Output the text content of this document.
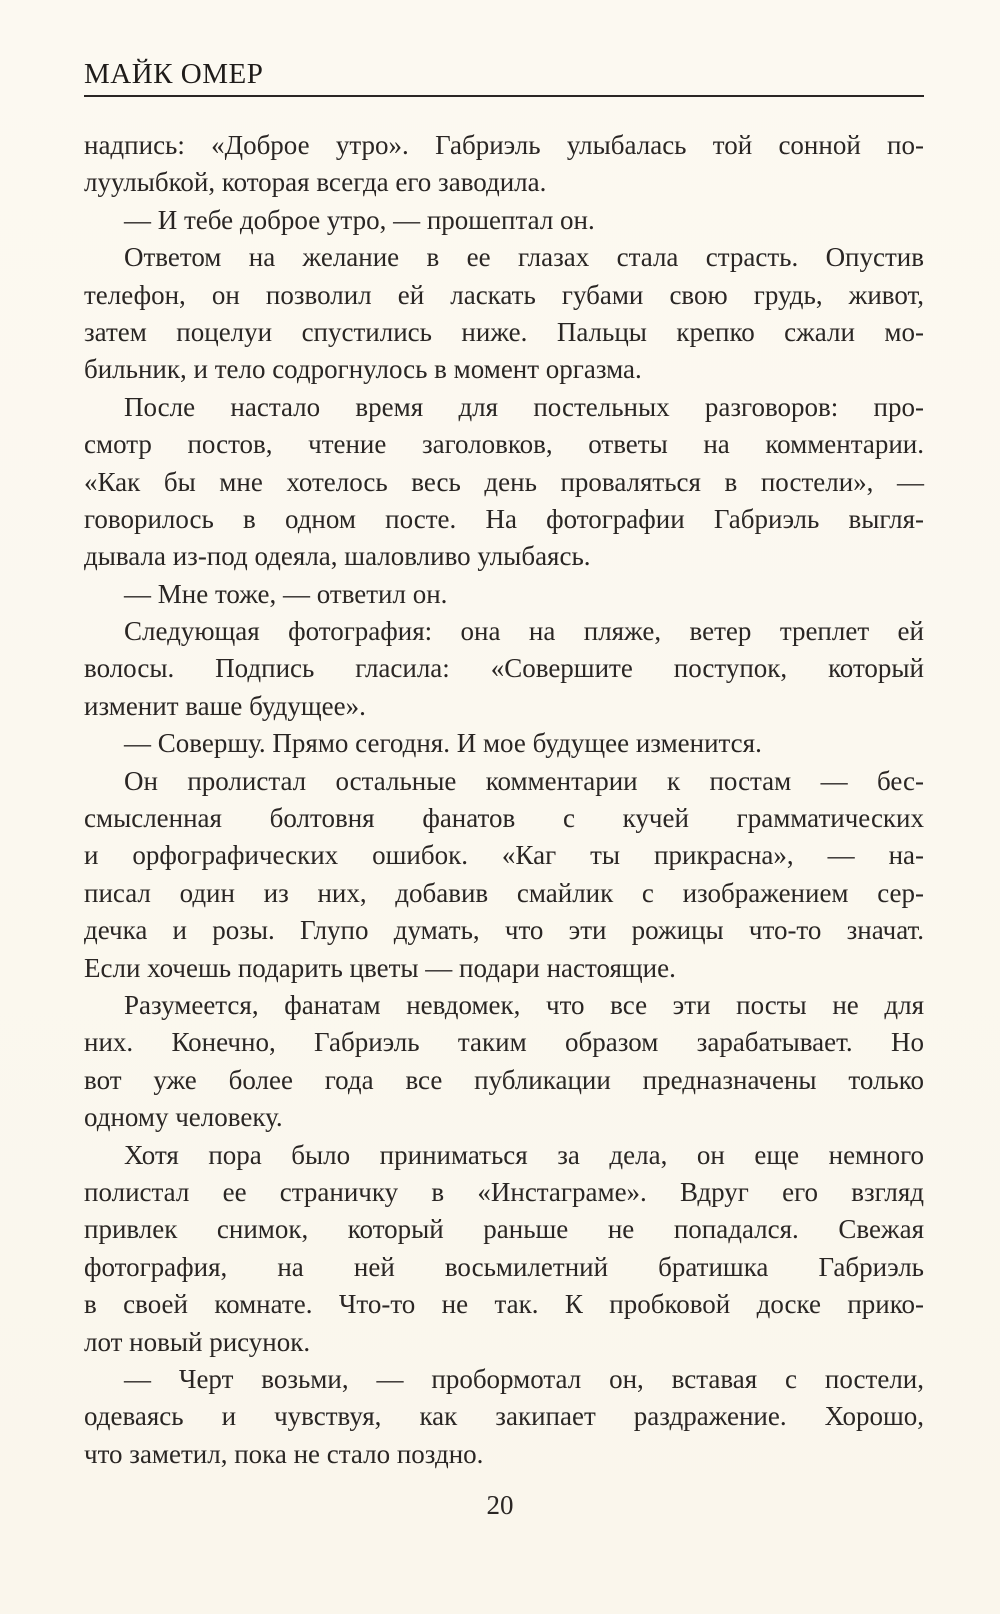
МАЙК ОМЕР
надпись: «Доброе утро». Габриэль улыбалась той сонной по-
луулыбкой, которая всегда его заводила.
— И тебе доброе утро, — прошептал он.
Ответом на желание в ее глазах стала страсть. Опустив
телефон, он позволил ей ласкать губами свою грудь, живот,
затем поцелуи спустились ниже. Пальцы крепко сжали мо-
бильник, и тело содрогнулось в момент оргазма.
После настало время для постельных разговоров: про-
смотр постов, чтение заголовков, ответы на комментарии.
«Как бы мне хотелось весь день проваляться в постели», —
говорилось в одном посте. На фотографии Габриэль выгля-
дывала из-под одеяла, шаловливо улыбаясь.
— Мне тоже, — ответил он.
Следующая фотография: она на пляже, ветер треплет ей
волосы. Подпись гласила: «Совершите поступок, который
изменит ваше будущее».
— Совершу. Прямо сегодня. И мое будущее изменится.
Он пролистал остальные комментарии к постам — бес-
смысленная болтовня фанатов с кучей грамматических
и орфографических ошибок. «Каг ты прикрасна», — на-
писал один из них, добавив смайлик с изображением сер-
дечка и розы. Глупо думать, что эти рожицы что-то значат.
Если хочешь подарить цветы — подари настоящие.
Разумеется, фанатам невдомек, что все эти посты не для
них. Конечно, Габриэль таким образом зарабатывает. Но
вот уже более года все публикации предназначены только
одному человеку.
Хотя пора было приниматься за дела, он еще немного
полистал ее страничку в «Инстаграме». Вдруг его взгляд
привлек снимок, который раньше не попадался. Свежая
фотография, на ней восьмилетний братишка Габриэль
в своей комнате. Что-то не так. К пробковой доске прико-
лот новый рисунок.
— Черт возьми, — пробормотал он, вставая с постели,
одеваясь и чувствуя, как закипает раздражение. Хорошо,
что заметил, пока не стало поздно.
20
